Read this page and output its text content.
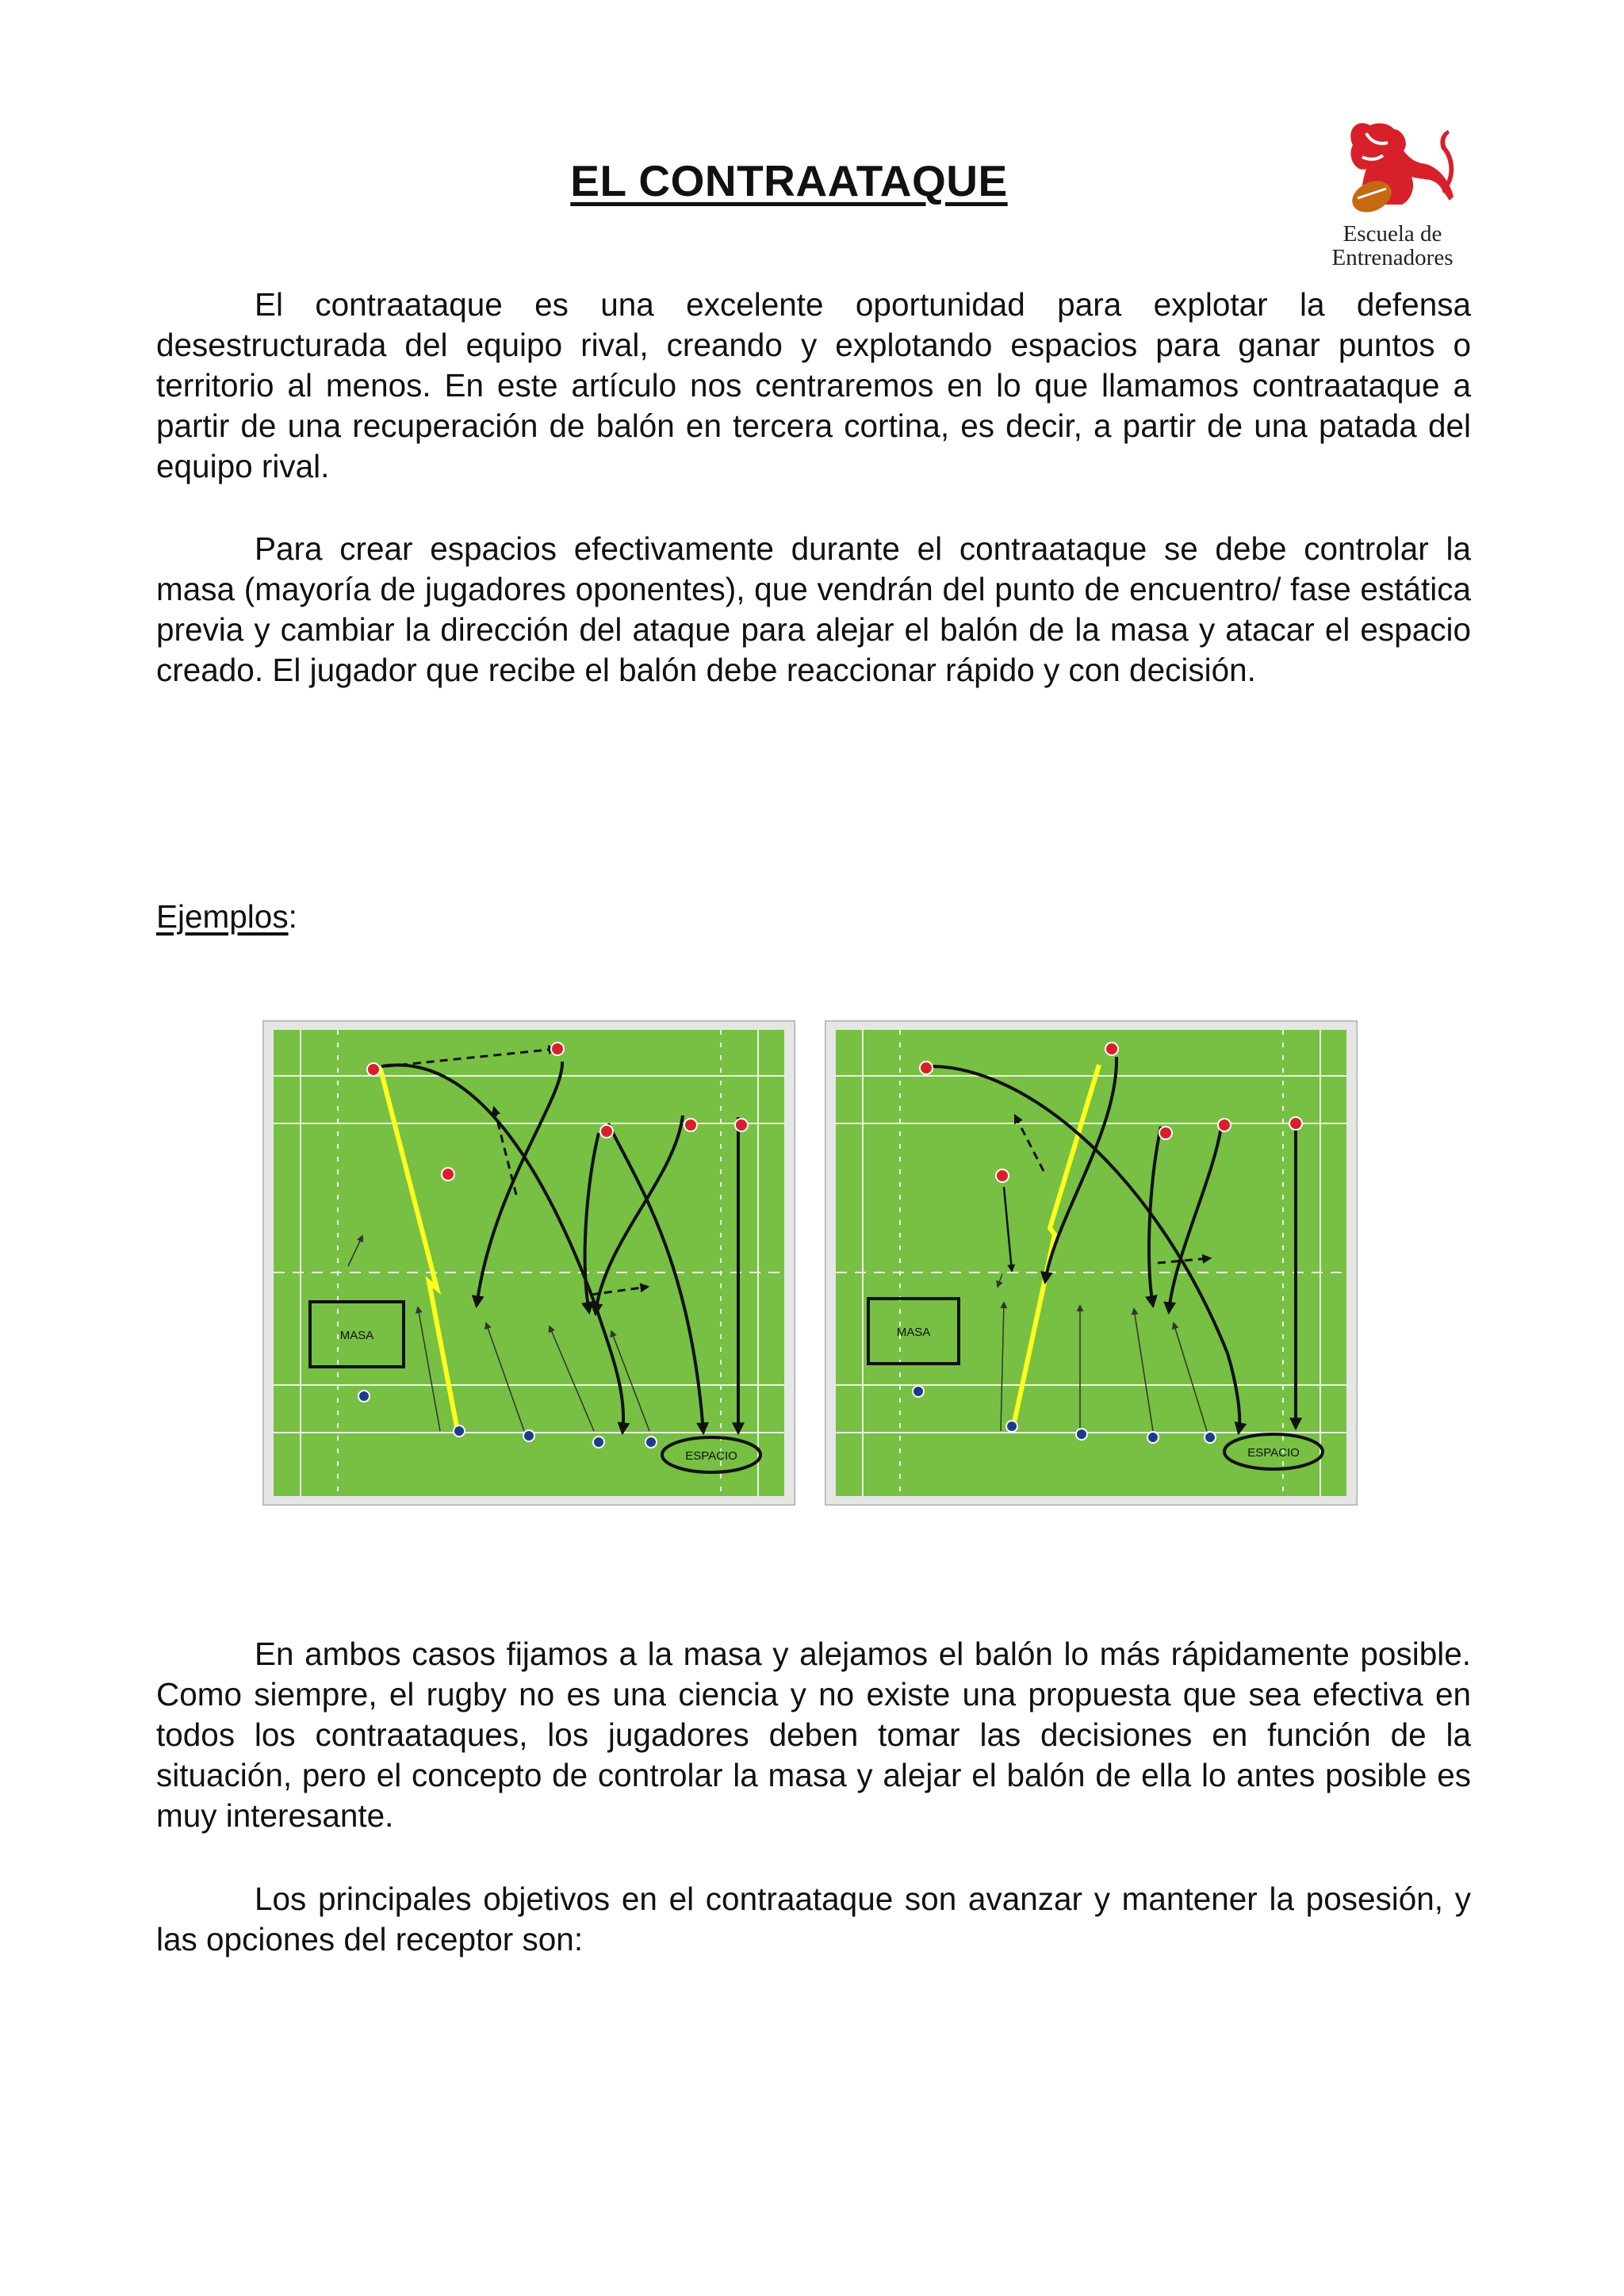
EL CONTRAATAQUE
Escuela de
Entrenadores

El contraataque es una excelente oportunidad para explotar la defensa desestructurada del equipo rival, creando y explotando espacios para ganar puntos o territorio al menos. En este artículo nos centraremos en lo que llamamos contraataque a partir de una recuperación de balón en tercera cortina, es decir, a partir de una patada del equipo rival.

Para crear espacios efectivamente durante el contraataque se debe controlar la masa (mayoría de jugadores oponentes), que vendrán del punto de encuentro/ fase estática previa y cambiar la dirección del ataque para alejar el balón de la masa y atacar el espacio creado. El jugador que recibe el balón debe reaccionar rápido y con decisión.

Ejemplos:
MASA
ESPACIO
MASA
ESPACIO

En ambos casos fijamos a la masa y alejamos el balón lo más rápidamente posible. Como siempre, el rugby no es una ciencia y no existe una propuesta que sea efectiva en todos los contraataques, los jugadores deben tomar las decisiones en función de la situación, pero el concepto de controlar la masa y alejar el balón de ella lo antes posible es muy interesante.

Los principales objetivos en el contraataque son avanzar y mantener la posesión, y las opciones del receptor son:
